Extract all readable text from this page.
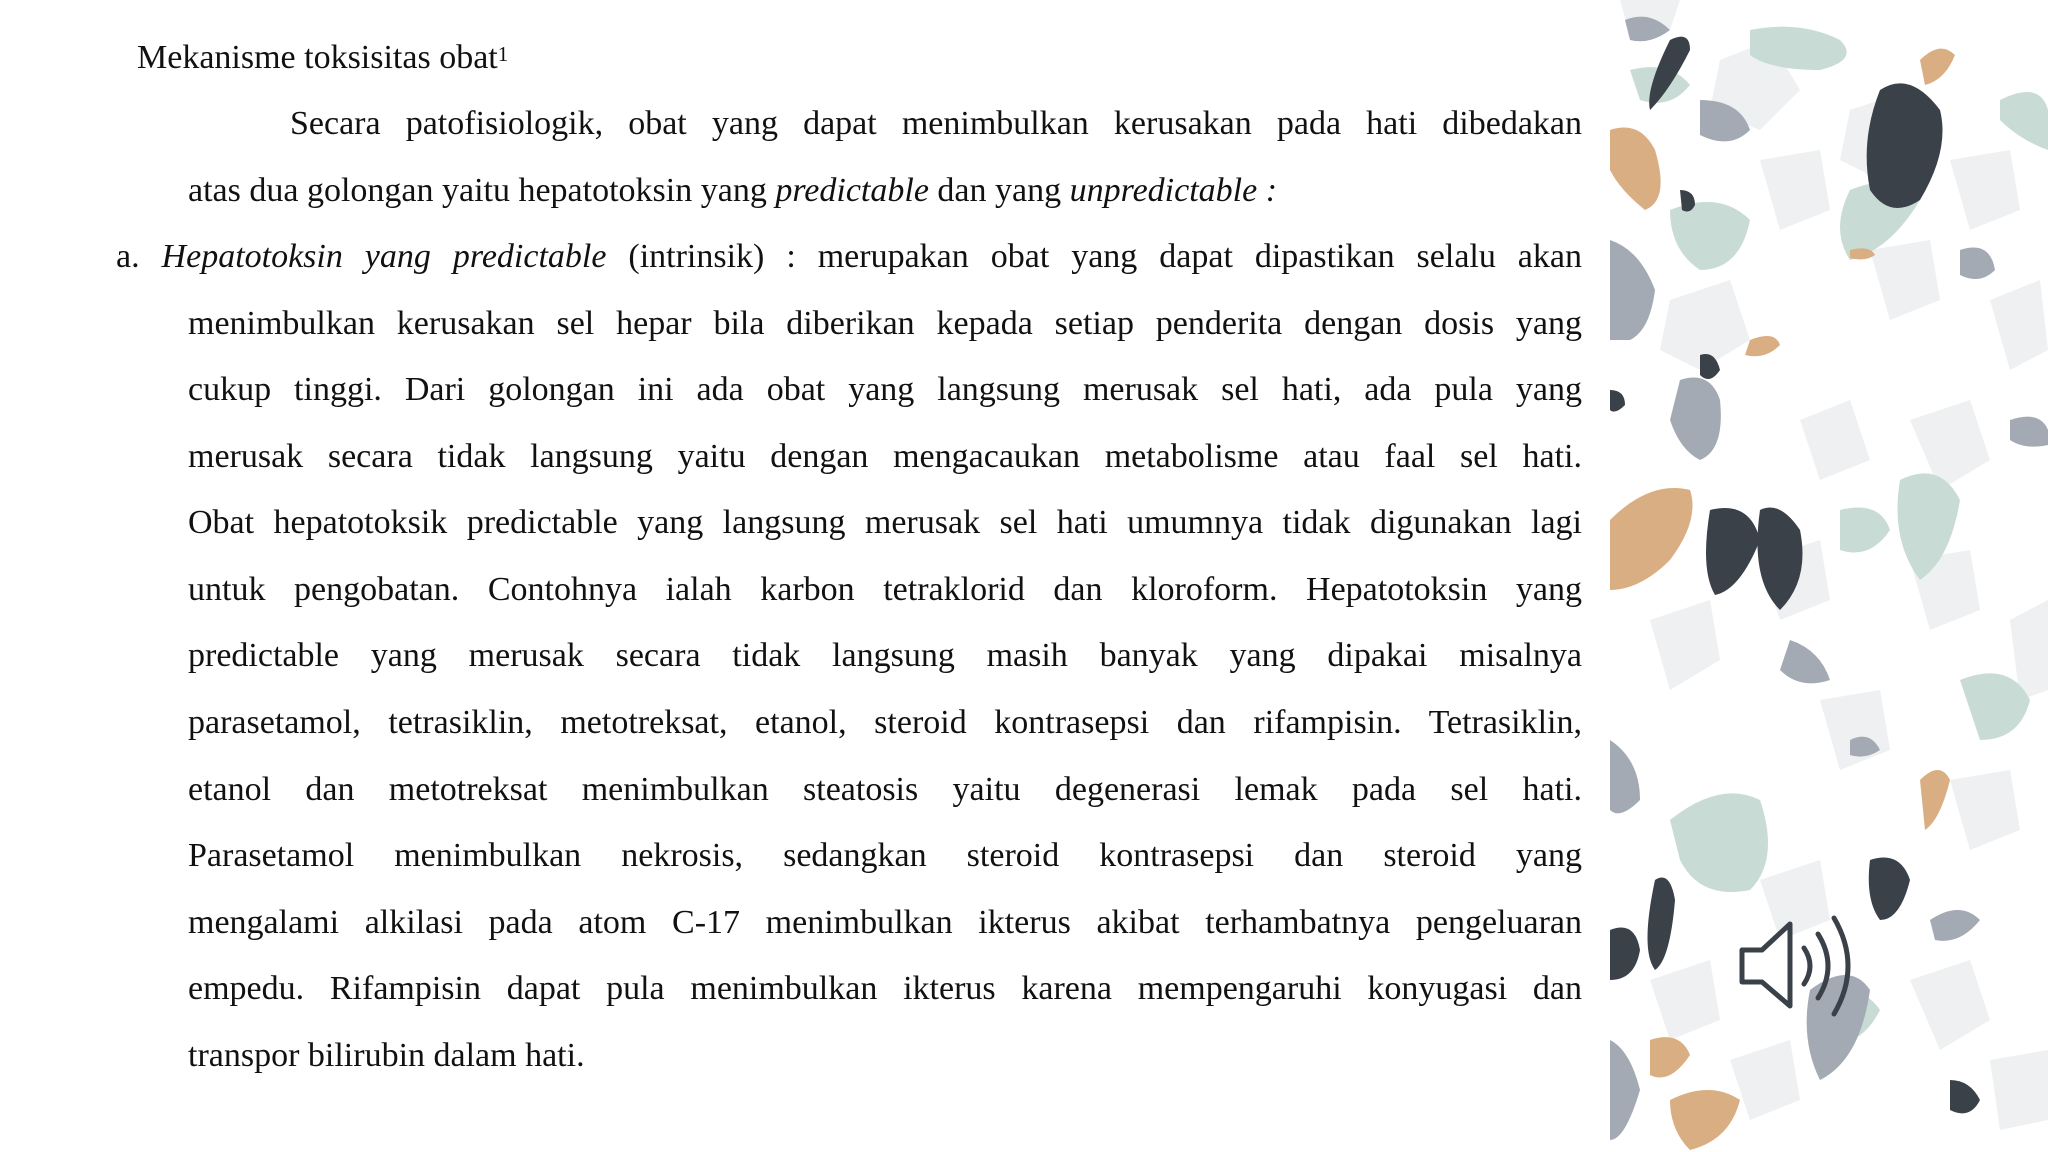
Mekanisme toksisitas obat$^1$
Secara patofisiologik, obat yang dapat menimbulkan kerusakan pada hati dibedakan
atas dua golongan yaitu hepatotoksin yang predictable dan yang unpredictable :
a. Hepatotoksin yang predictable (intrinsik) : merupakan obat yang dapat dipastikan selalu akan
menimbulkan kerusakan sel hepar bila diberikan kepada setiap penderita dengan dosis yang
cukup tinggi. Dari golongan ini ada obat yang langsung merusak sel hati, ada pula yang
merusak secara tidak langsung yaitu dengan mengacaukan metabolisme atau faal sel hati.
Obat hepatotoksik predictable yang langsung merusak sel hati umumnya tidak digunakan lagi
untuk pengobatan. Contohnya ialah karbon tetraklorid dan kloroform. Hepatotoksin yang
predictable yang merusak secara tidak langsung masih banyak yang dipakai misalnya
parasetamol, tetrasiklin, metotreksat, etanol, steroid kontrasepsi dan rifampisin. Tetrasiklin,
etanol dan metotreksat menimbulkan steatosis yaitu degenerasi lemak pada sel hati.
Parasetamol menimbulkan nekrosis, sedangkan steroid kontrasepsi dan steroid yang
mengalami alkilasi pada atom C-17 menimbulkan ikterus akibat terhambatnya pengeluaran
empedu. Rifampisin dapat pula menimbulkan ikterus karena mempengaruhi konyugasi dan
transpor bilirubin dalam hati.
